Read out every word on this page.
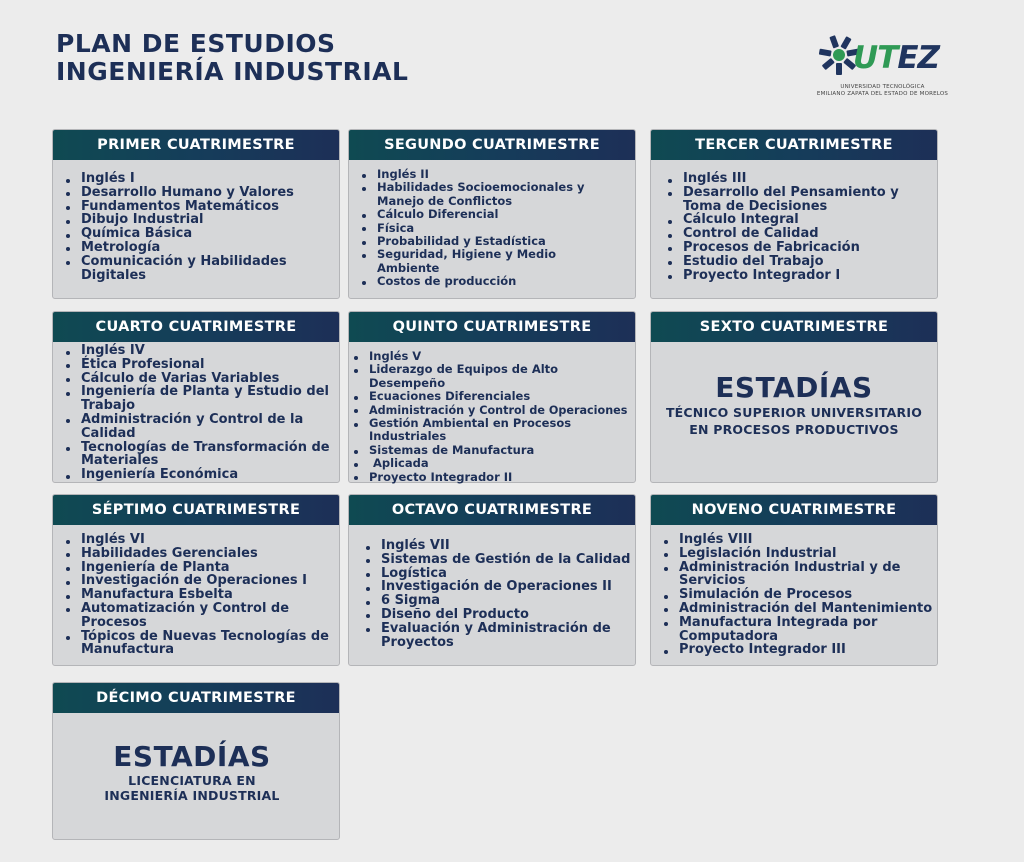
PLAN DE ESTUDIOS
INGENIERÍA INDUSTRIAL	UTEZ
UNIVERSIDAD TECNOLÓGICA
EMILIANO ZAPATA DEL ESTADO DE MORELOS
PRIMER CUATRIMESTRE
Inglés I
Desarrollo Humano y Valores
Fundamentos Matemáticos
Dibujo Industrial
Química Básica
Metrología
Comunicación y Habilidades Digitales
SEGUNDO CUATRIMESTRE
Inglés II
Habilidades Socioemocionales y Manejo de Conflictos
Cálculo Diferencial
Física
Probabilidad y Estadística
Seguridad, Higiene y Medio Ambiente
Costos de producción
TERCER CUATRIMESTRE
Inglés III
Desarrollo del Pensamiento y Toma de Decisiones
Cálculo Integral
Control de Calidad
Procesos de Fabricación
Estudio del Trabajo
Proyecto Integrador I
CUARTO CUATRIMESTRE
Inglés IV
Ética Profesional
Cálculo de Varias Variables
Ingeniería de Planta y Estudio del Trabajo
Administración y Control de la Calidad
Tecnologías de Transformación de Materiales
Ingeniería Económica
QUINTO CUATRIMESTRE
Inglés V
Liderazgo de Equipos de Alto Desempeño
Ecuaciones Diferenciales
Administración y Control de Operaciones
Gestión Ambiental en Procesos Industriales
Sistemas de Manufactura
Aplicada
Proyecto Integrador II
SEXTO CUATRIMESTRE
ESTADÍAS
TÉCNICO SUPERIOR UNIVERSITARIO
EN PROCESOS PRODUCTIVOS
SÉPTIMO CUATRIMESTRE
Inglés VI
Habilidades Gerenciales
Ingeniería de Planta
Investigación de Operaciones I
Manufactura Esbelta
Automatización y Control de Procesos
Tópicos de Nuevas Tecnologías de Manufactura
OCTAVO CUATRIMESTRE
Inglés VII
Sistemas de Gestión de la Calidad
Logística
Investigación de Operaciones II
6 Sigma
Diseño del Producto
Evaluación y Administración de Proyectos
NOVENO CUATRIMESTRE
Inglés VIII
Legislación Industrial
Administración Industrial y de Servicios
Simulación de Procesos
Administración del Mantenimiento
Manufactura Integrada por Computadora
Proyecto Integrador III
DÉCIMO CUATRIMESTRE
ESTADÍAS
LICENCIATURA EN
INGENIERÍA INDUSTRIAL
